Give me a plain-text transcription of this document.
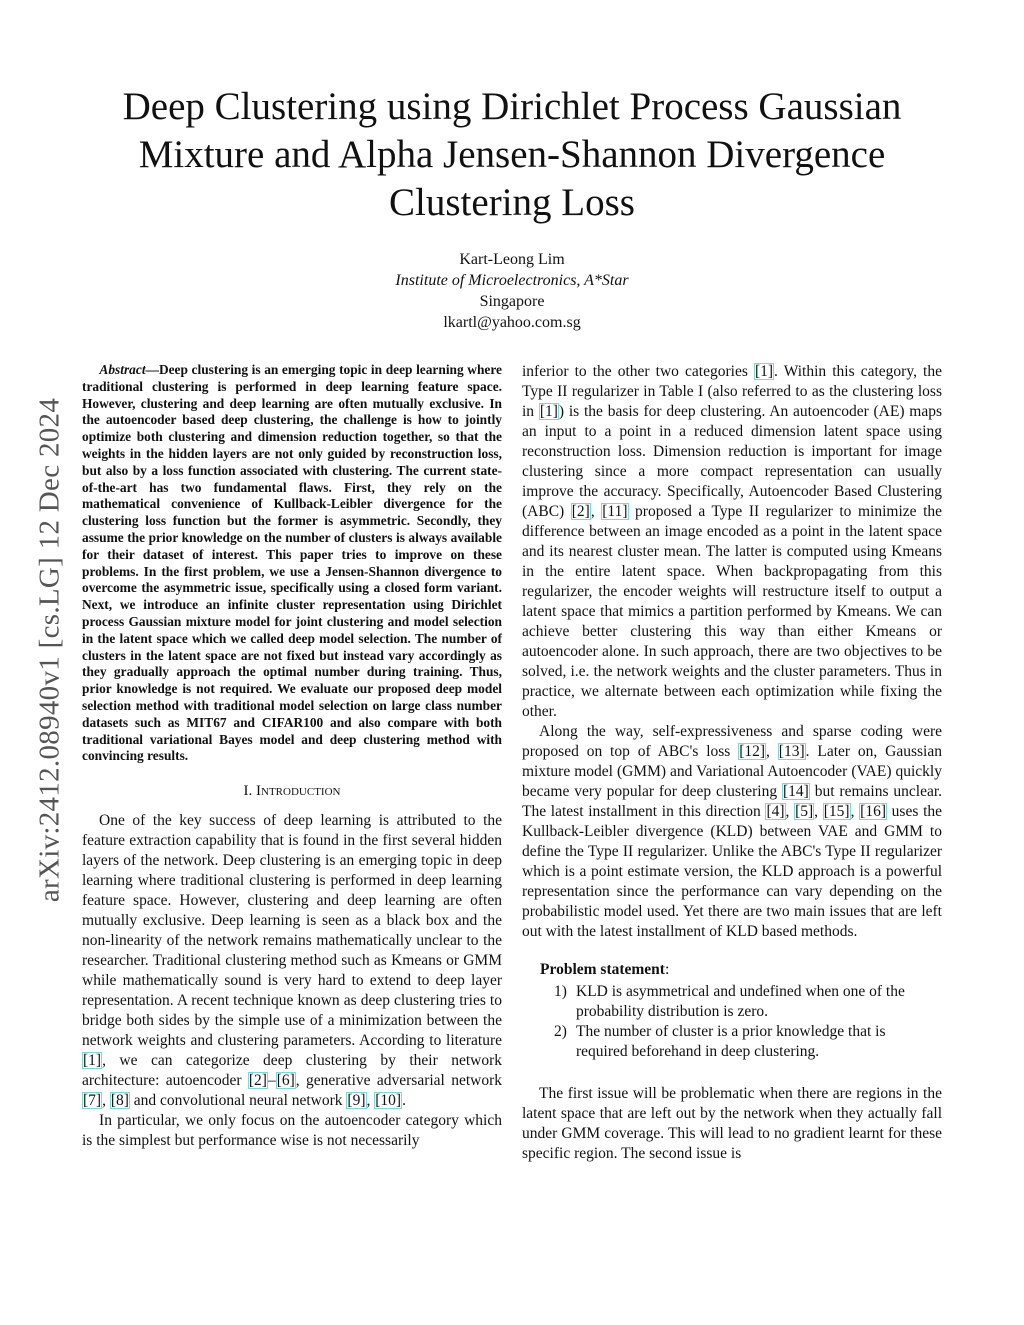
arXiv:2412.08940v1 [cs.LG] 12 Dec 2024
Deep Clustering using Dirichlet Process Gaussian Mixture and Alpha Jensen-Shannon Divergence Clustering Loss
Kart-Leong Lim
Institute of Microelectronics, A*Star
Singapore
lkartl@yahoo.com.sg

Abstract—Deep clustering is an emerging topic in deep learning where traditional clustering is performed in deep learning feature space. However, clustering and deep learning are often mutually exclusive. In the autoencoder based deep clustering, the challenge is how to jointly optimize both clustering and dimension reduction together, so that the weights in the hidden layers are not only guided by reconstruction loss, but also by a loss function associated with clustering. The current state-of-the-art has two fundamental flaws. First, they rely on the mathematical convenience of Kullback-Leibler divergence for the clustering loss function but the former is asymmetric. Secondly, they assume the prior knowledge on the number of clusters is always available for their dataset of interest. This paper tries to improve on these problems. In the first problem, we use a Jensen-Shannon divergence to overcome the asymmetric issue, specifically using a closed form variant. Next, we introduce an infinite cluster representation using Dirichlet process Gaussian mixture model for joint clustering and model selection in the latent space which we called deep model selection. The number of clusters in the latent space are not fixed but instead vary accordingly as they gradually approach the optimal number during training. Thus, prior knowledge is not required. We evaluate our proposed deep model selection method with traditional model selection on large class number datasets such as MIT67 and CIFAR100 and also compare with both traditional variational Bayes model and deep clustering method with convincing results.

I. Introduction

One of the key success of deep learning is attributed to the feature extraction capability that is found in the first several hidden layers of the network. Deep clustering is an emerging topic in deep learning where traditional clustering is performed in deep learning feature space. However, clustering and deep learning are often mutually exclusive. Deep learning is seen as a black box and the non-linearity of the network remains mathematically unclear to the researcher. Traditional clustering method such as Kmeans or GMM while mathematically sound is very hard to extend to deep layer representation. A recent technique known as deep clustering tries to bridge both sides by the simple use of a minimization between the network weights and clustering parameters. According to literature [1], we can categorize deep clustering by their network architecture: autoencoder [2]–[6], generative adversarial network [7], [8] and convolutional neural network [9], [10].

In particular, we only focus on the autoencoder category which is the simplest but performance wise is not necessarily

inferior to the other two categories [1]. Within this category, the Type II regularizer in Table I (also referred to as the clustering loss in [1]) is the basis for deep clustering. An autoencoder (AE) maps an input to a point in a reduced dimension latent space using reconstruction loss. Dimension reduction is important for image clustering since a more compact representation can usually improve the accuracy. Specifically, Autoencoder Based Clustering (ABC) [2], [11] proposed a Type II regularizer to minimize the difference between an image encoded as a point in the latent space and its nearest cluster mean. The latter is computed using Kmeans in the entire latent space. When backpropagating from this regularizer, the encoder weights will restructure itself to output a latent space that mimics a partition performed by Kmeans. We can achieve better clustering this way than either Kmeans or autoencoder alone. In such approach, there are two objectives to be solved, i.e. the network weights and the cluster parameters. Thus in practice, we alternate between each optimization while fixing the other.

Along the way, self-expressiveness and sparse coding were proposed on top of ABC's loss [12], [13]. Later on, Gaussian mixture model (GMM) and Variational Autoencoder (VAE) quickly became very popular for deep clustering [14] but remains unclear. The latest installment in this direction [4], [5], [15], [16] uses the Kullback-Leibler divergence (KLD) between VAE and GMM to define the Type II regularizer. Unlike the ABC's Type II regularizer which is a point estimate version, the KLD approach is a powerful representation since the performance can vary depending on the probabilistic model used. Yet there are two main issues that are left out with the latest installment of KLD based methods.

Problem statement:
1) KLD is asymmetrical and undefined when one of the probability distribution is zero.
2) The number of cluster is a prior knowledge that is required beforehand in deep clustering.

The first issue will be problematic when there are regions in the latent space that are left out by the network when they actually fall under GMM coverage. This will lead to no gradient learnt for these specific region. The second issue is
